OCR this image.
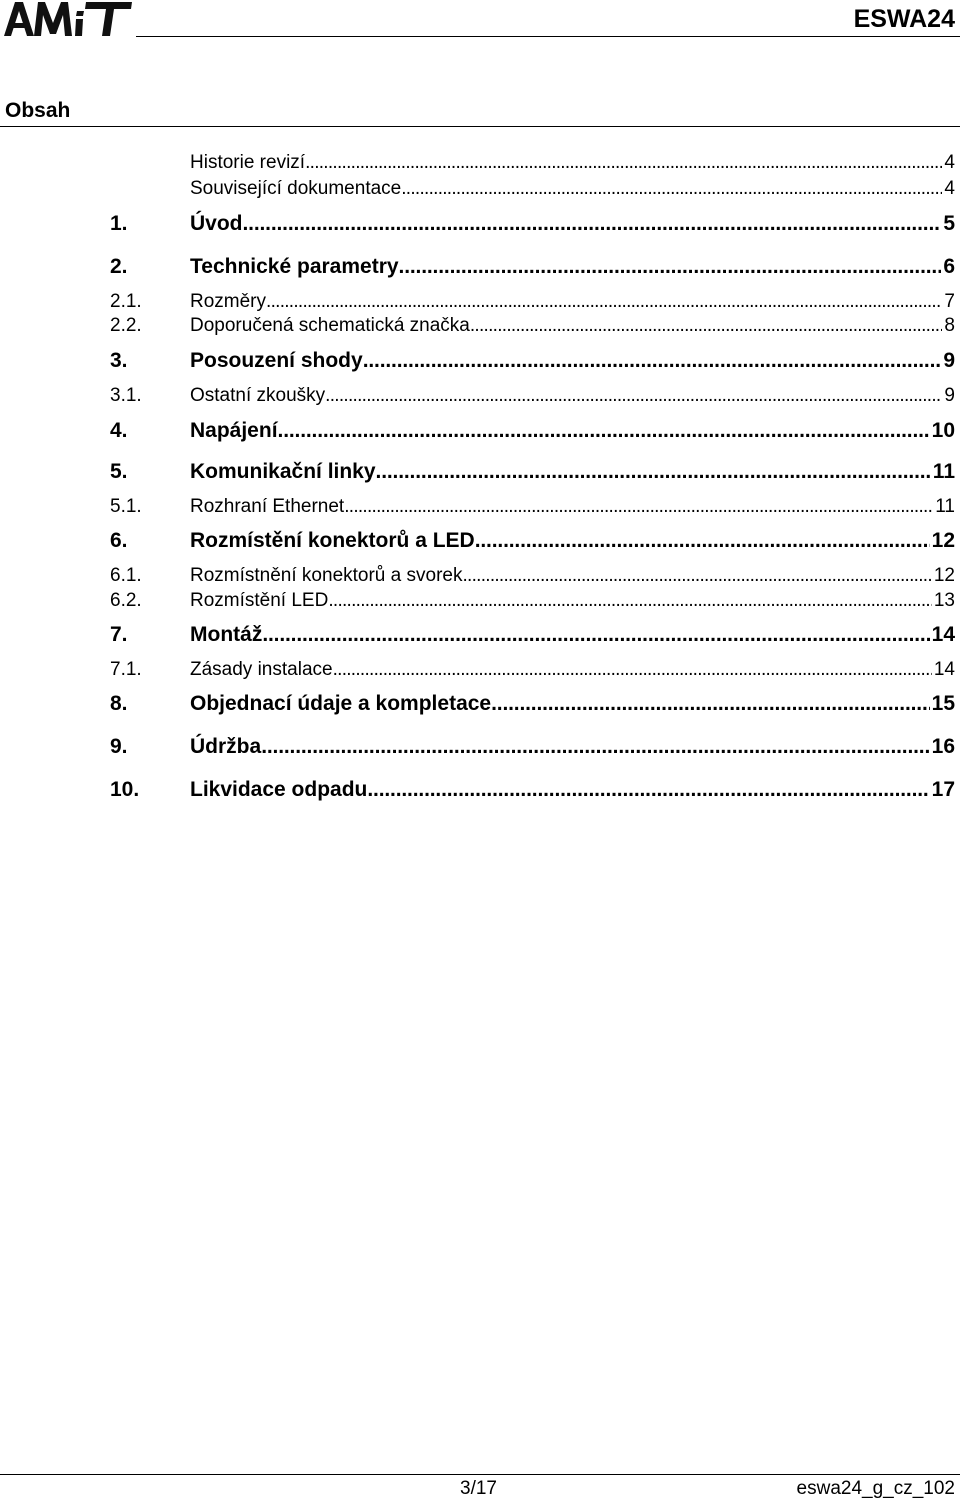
ESWA24
Obsah
Historie revizí . . .	4
Související dokumentace . . .	4
1.	Úvod . . .	5
2.	Technické parametry . . .	6
2.1.	Rozměry . . .	7
2.2.	Doporučená schematická značka . . .	8
3.	Posouzení shody . . .	9
3.1.	Ostatní zkoušky . . .	9
4.	Napájení . . .	10
5.	Komunikační linky . . .	11
5.1.	Rozhraní Ethernet . . .	11
6.	Rozmístění konektorů a LED . . .	12
6.1.	Rozmístnění konektorů a svorek . . .	12
6.2.	Rozmístění LED . . .	13
7.	Montáž . . .	14
7.1.	Zásady instalace . . .	14
8.	Objednací údaje a kompletace . . .	15
9.	Údržba . . .	16
10.	Likvidace odpadu . . .	17
3/17	eswa24_g_cz_102
